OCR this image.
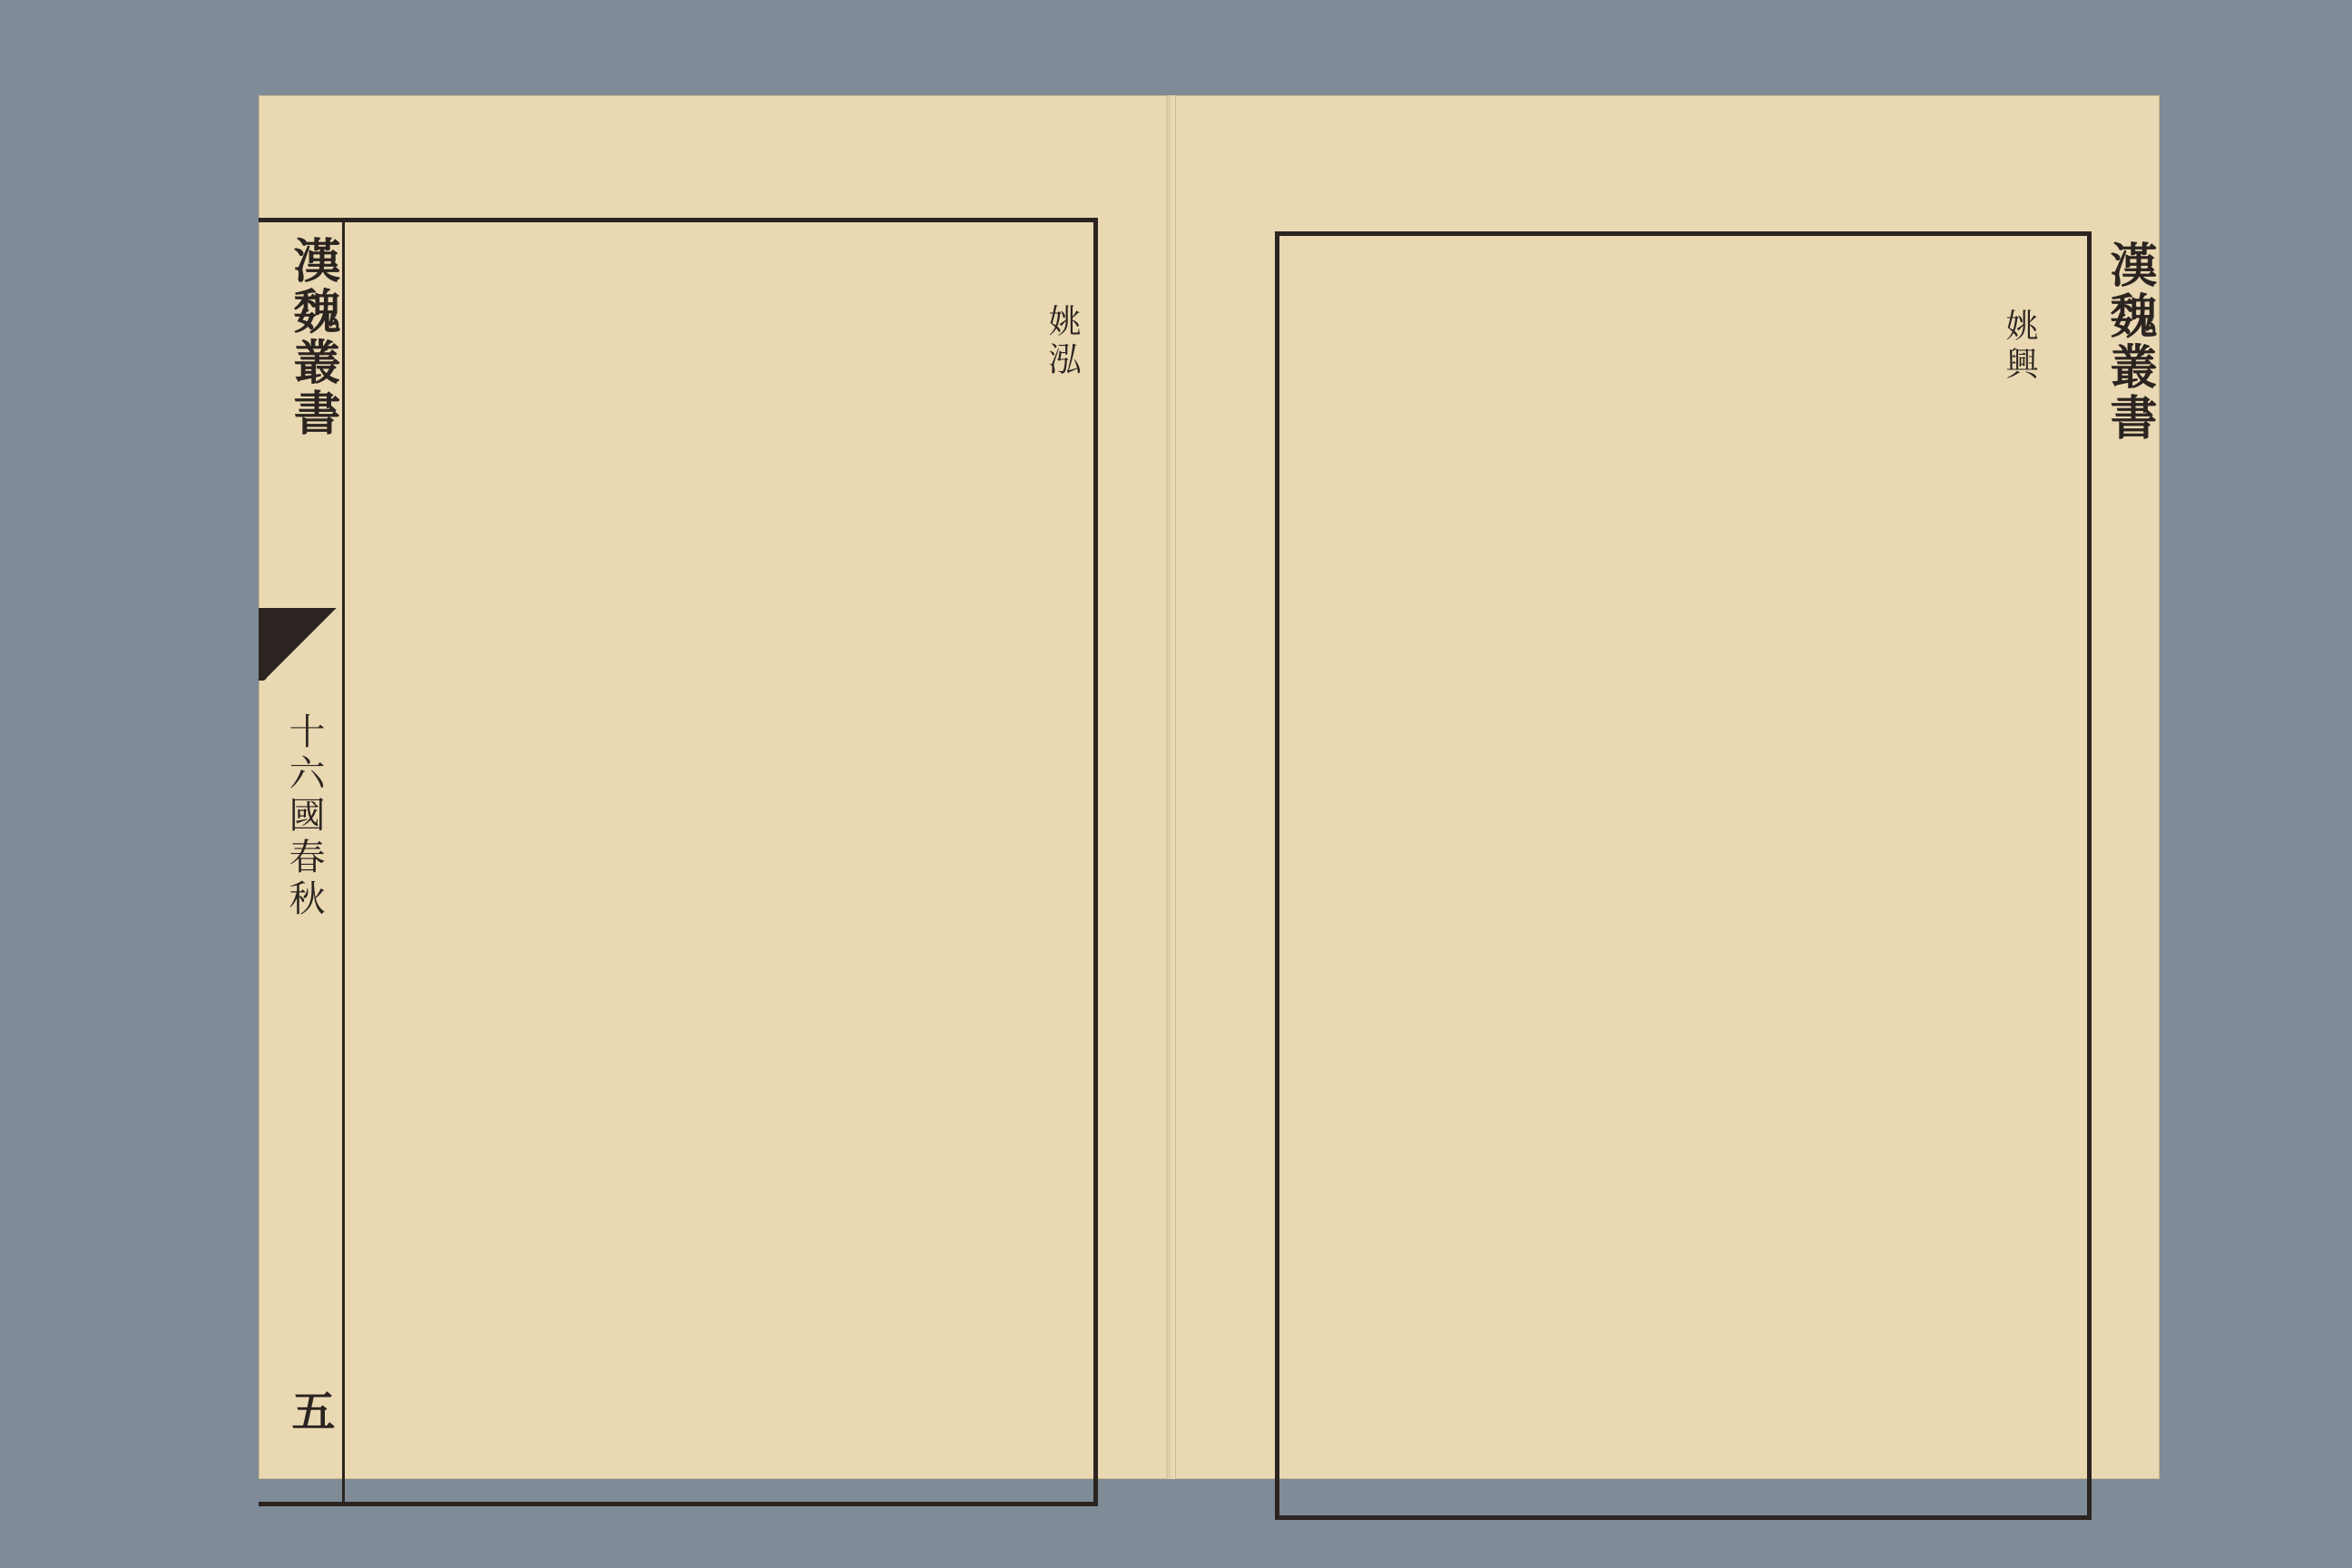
漢魏叢書
十六國春秋
五
姚泓	漢魏叢書
姚興
